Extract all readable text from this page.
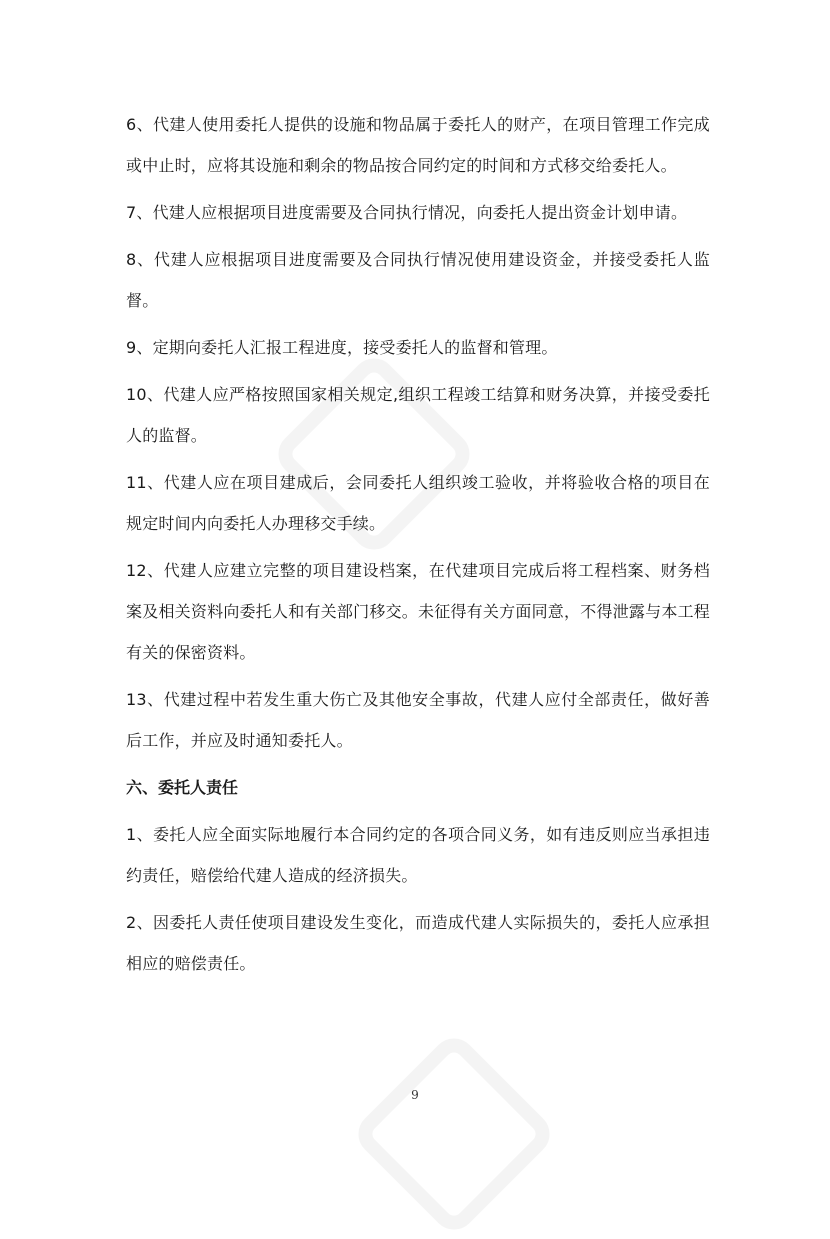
6、代建人使用委托人提供的设施和物品属于委托人的财产，在项目管理工作完成或中止时，应将其设施和剩余的物品按合同约定的时间和方式移交给委托人。

7、代建人应根据项目进度需要及合同执行情况，向委托人提出资金计划申请。

8、代建人应根据项目进度需要及合同执行情况使用建设资金，并接受委托人监督。

9、定期向委托人汇报工程进度，接受委托人的监督和管理。

10、代建人应严格按照国家相关规定,组织工程竣工结算和财务决算，并接受委托人的监督。

11、代建人应在项目建成后，会同委托人组织竣工验收，并将验收合格的项目在规定时间内向委托人办理移交手续。

12、代建人应建立完整的项目建设档案，在代建项目完成后将工程档案、财务档案及相关资料向委托人和有关部门移交。未征得有关方面同意，不得泄露与本工程有关的保密资料。

13、代建过程中若发生重大伤亡及其他安全事故，代建人应付全部责任，做好善后工作，并应及时通知委托人。

六、委托人责任

1、委托人应全面实际地履行本合同约定的各项合同义务，如有违反则应当承担违约责任，赔偿给代建人造成的经济损失。

2、因委托人责任使项目建设发生变化，而造成代建人实际损失的，委托人应承担相应的赔偿责任。

9
